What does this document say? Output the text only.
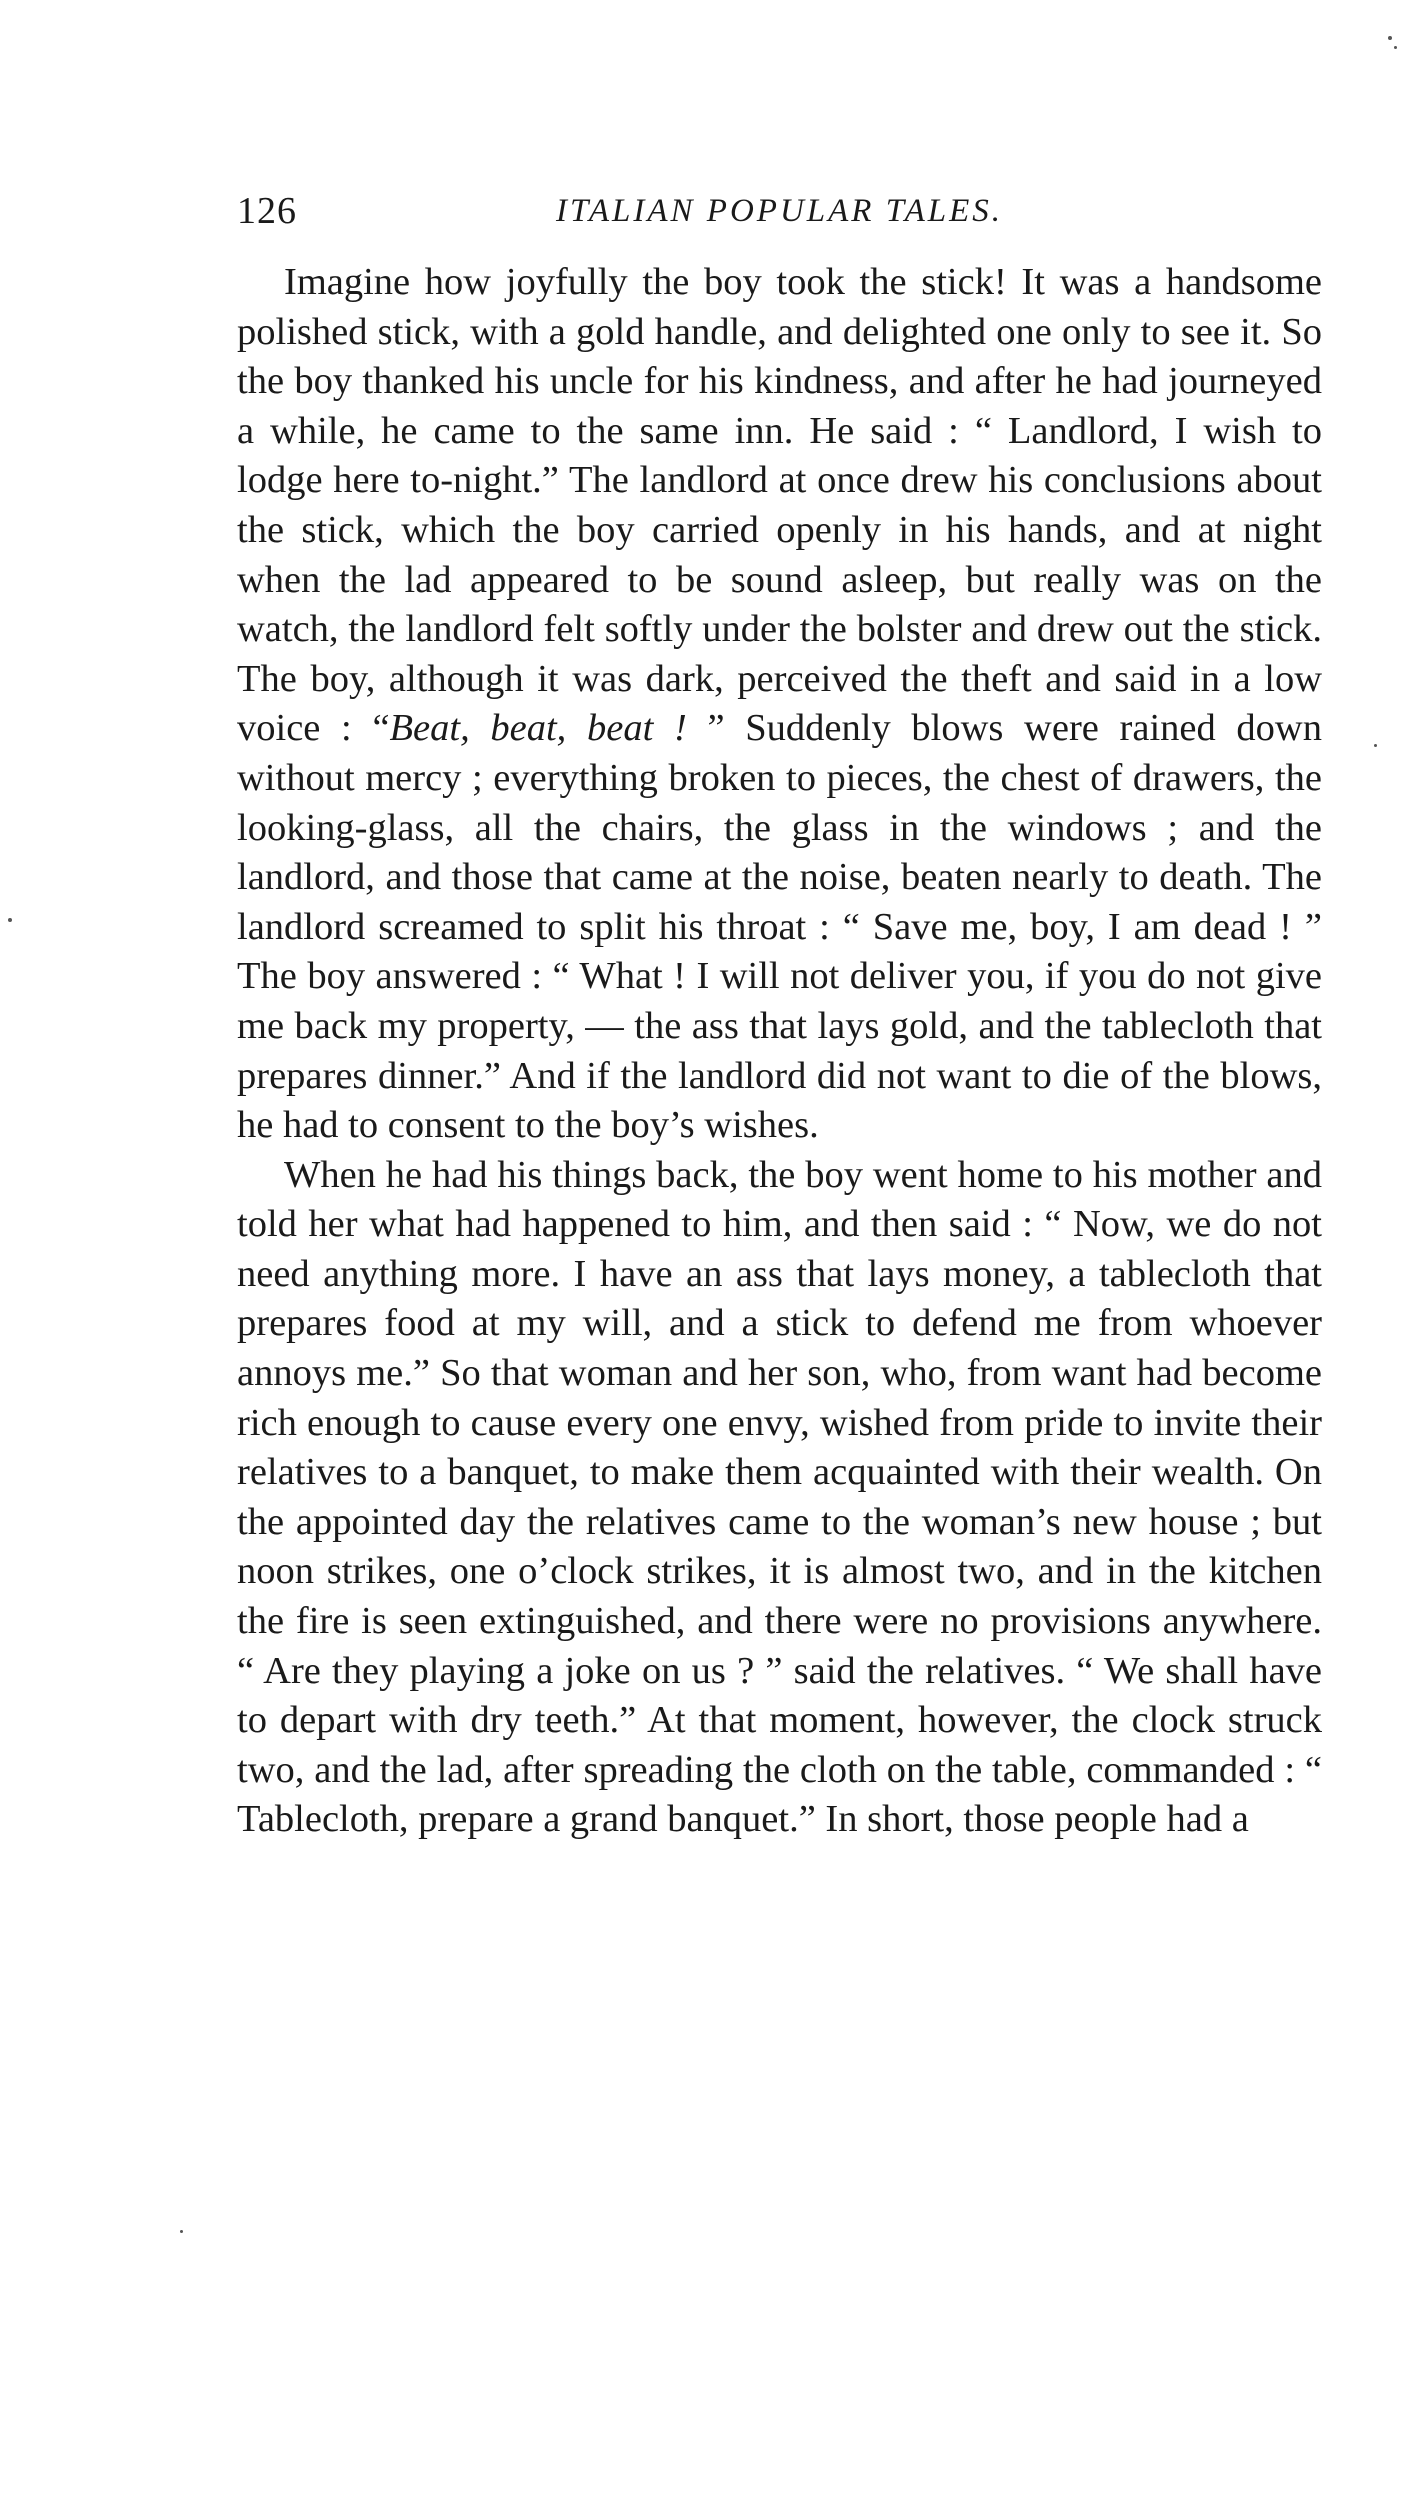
126	ITALIAN POPULAR TALES.

Imagine how joyfully the boy took the stick! It was a handsome polished stick, with a gold handle, and delighted one only to see it. So the boy thanked his uncle for his kindness, and after he had journeyed a while, he came to the same inn. He said : “ Landlord, I wish to lodge here to-night.” The landlord at once drew his conclusions about the stick, which the boy carried openly in his hands, and at night when the lad appeared to be sound asleep, but really was on the watch, the landlord felt softly under the bolster and drew out the stick. The boy, although it was dark, perceived the theft and said in a low voice : “Beat, beat, beat ! ” Suddenly blows were rained down without mercy ; everything broken to pieces, the chest of drawers, the looking-glass, all the chairs, the glass in the windows ; and the landlord, and those that came at the noise, beaten nearly to death. The landlord screamed to split his throat : “ Save me, boy, I am dead ! ” The boy answered : “ What ! I will not deliver you, if you do not give me back my property, — the ass that lays gold, and the tablecloth that prepares dinner.” And if the landlord did not want to die of the blows, he had to consent to the boy’s wishes.

When he had his things back, the boy went home to his mother and told her what had happened to him, and then said : “ Now, we do not need anything more. I have an ass that lays money, a tablecloth that prepares food at my will, and a stick to defend me from whoever annoys me.” So that woman and her son, who, from want had become rich enough to cause every one envy, wished from pride to invite their relatives to a banquet, to make them acquainted with their wealth. On the appointed day the relatives came to the woman’s new house ; but noon strikes, one o’clock strikes, it is almost two, and in the kitchen the fire is seen extinguished, and there were no provisions anywhere. “ Are they playing a joke on us ? ” said the relatives. “ We shall have to depart with dry teeth.” At that moment, however, the clock struck two, and the lad, after spreading the cloth on the table, commanded : “ Tablecloth, prepare a grand banquet.” In short, those people had a
